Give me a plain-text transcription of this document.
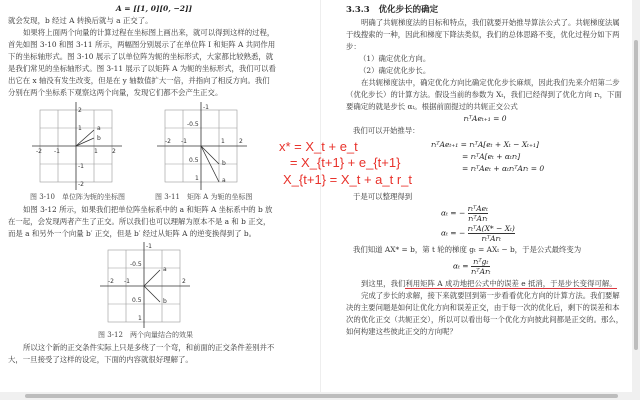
A = [[1, 0][0, −2]]
就会发现，b 经过 A 转换后就与 a 正交了。
如果将上面两个向量的计算过程在坐标图上画出来，就可以得到这样的过程，首先如图 3-10 和图 3-11 所示，两幅图分别展示了在单位阵 I 和矩阵 A 共同作用下的坐标轴形式。图 3-10 展示了以单位阵为轭的坐标形式，大家都比较熟悉，就是我们常见的坐标轴形式。图 3-11 展示了以矩阵 A 为轭的坐标形式，我们可以看出它在 x 轴没有发生改变，但是在 y 轴数值扩大一倍，并指向了相反方向。我们分别在两个坐标系下观察这两个向量，发现它们都不会产生正交。
2
1
-1
-2
-2 -1	1 2
a
b
图 3-10　单位阵为轭的坐标图
-1
-0.5
0.5
1
-2 -1	1 2
b
a
图 3-11　矩阵 A 为轭的坐标图
如图 3-12 所示，如果我们把单位阵坐标系中的 a 和矩阵 A 坐标系中的 b 放在一起，会发现两者产生了正交。所以我们也可以理解为原本不是 a 和 b 正交，而是 a 和另外一个向量 b′ 正交，但是 b′ 经过从矩阵 A 的逆变换得到了 b。
-1
-0.5
0.5
1
-2 -1	2
a
b
图 3-12　两个向量结合的效果
所以这个新的正交条件实际上只是多绕了一个弯，和前面的正交条件差别并不大，一旦接受了这样的设定，下面的内容就很好理解了。
3.3.3 优化步长的确定
明确了共轭梯度法的目标和特点，我们就要开始推导算法公式了。共轭梯度法属于线搜索的一种，因此和梯度下降法类似，我们的总体思路不变，优化过程分如下两步：
（1）确定优化方向。
（2）确定优化步长。
在共轭梯度法中，确定优化方向比确定优化步长麻烦，因此我们先来介绍第二步（优化步长）的计算方法。假设当前的参数为 Xₜ，我们已经得到了优化方向 rₜ，下面要确定的就是步长 αₜ。根据前面提过的共轭正交公式
rₜᵀAeₜ₊₁ = 0
我们可以开始推导：
x* = X_t + e_t
= X_{t+1} + e_{t+1}
X_{t+1} = X_t + a_t r_t
rₜᵀAeₜ₊₁ = rₜᵀA[eₜ + Xₜ − Xₜ₊₁]
= rₜᵀA[eₜ + αₜrₜ]
= rₜᵀAeₜ + αₜrₜᵀArₜ = 0
于是可以整理得到
αₜ = − $\frac{\text{rₜᵀAeₜ}}{\text{rₜᵀArₜ}}$
αₜ = − $\frac{\text{rₜᵀA(X* − Xₜ)}}{\text{rₜᵀArₜ}}$
我们知道 AX* = b，第 t 轮的梯度 gₜ = AXₜ − b，于是公式最终变为
$\alpha_t = \frac{\text{rₜᵀgₜ}}{\text{rₜᵀArₜ}}$
到这里，我们利用矩阵 A 成功地把公式中的误差 e 抵消，于是步长变得可解。
完成了步长的求解，接下来就要回到第一步看看优化方向的计算方法。我们要解决的主要问题是如何让优化方向和误差正交，由于每一次的优化后，剩下的误差和本次的优化正交（共轭正交），所以可以看出每一个优化方向彼此间都是正交的。那么，如何构建这些彼此正交的方向呢？
